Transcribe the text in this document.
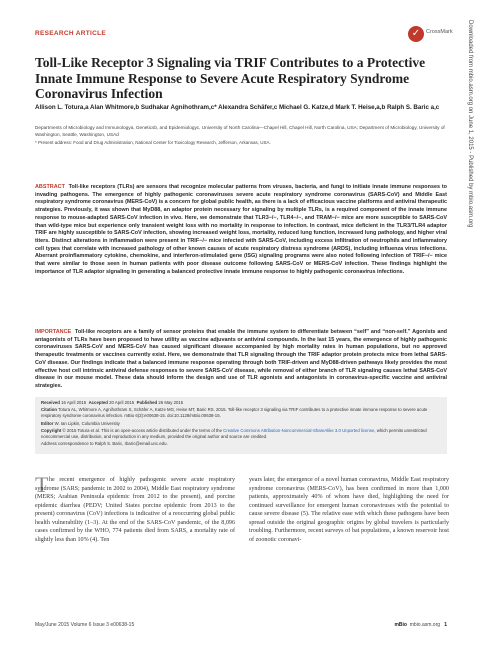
RESEARCH ARTICLE	✓	CrossMark Downloaded from mbio.asm.org on June 1, 2015 - Published by mbio.asm.org
Toll-Like Receptor 3 Signaling via TRIF Contributes to a Protective Innate Immune Response to Severe Acute Respiratory Syndrome Coronavirus Infection
Allison L. Totura,a Alan Whitmore,b Sudhakar Agnihothram,c* Alexandra Schäfer,c Michael G. Katze,d Mark T. Heise,a,b Ralph S. Baric a,c
Departments of Microbiology and Immunologya, Geneticsb, and Epidemiologyc, University of North Carolina—Chapel Hill, Chapel Hill, North Carolina, USA; Department of Microbiology, University of Washington, Seattle, Washington, USAd
* Present address: Food and Drug Administration, National Center for Toxicology Research, Jefferson, Arkansas, USA.
ABSTRACT Toll-like receptors (TLRs) are sensors that recognize molecular patterns from viruses, bacteria, and fungi to initiate innate immune responses to invading pathogens. The emergence of highly pathogenic coronaviruses severe acute respiratory syndrome coronavirus (SARS-CoV) and Middle East respiratory syndrome coronavirus (MERS-CoV) is a concern for global public health, as there is a lack of efficacious vaccine platforms and antiviral therapeutic strategies. Previously, it was shown that MyD88, an adaptor protein necessary for signaling by multiple TLRs, is a required component of the innate immune response to mouse-adapted SARS-CoV infection in vivo. Here, we demonstrate that TLR3−/−, TLR4−/−, and TRAM−/− mice are more susceptible to SARS-CoV than wild-type mice but experience only transient weight loss with no mortality in response to infection. In contrast, mice deficient in the TLR3/TLR4 adaptor TRIF are highly susceptible to SARS-CoV infection, showing increased weight loss, mortality, reduced lung function, increased lung pathology, and higher viral titers. Distinct alterations in inflammation were present in TRIF−/− mice infected with SARS-CoV, including excess infiltration of neutrophils and inflammatory cell types that correlate with increased pathology of other known causes of acute respiratory distress syndrome (ARDS), including influenza virus infections. Aberrant proinflammatory cytokine, chemokine, and interferon-stimulated gene (ISG) signaling programs were also noted following infection of TRIF−/− mice that were similar to those seen in human patients with poor disease outcome following SARS-CoV or MERS-CoV infection. These findings highlight the importance of TLR adaptor signaling in generating a balanced protective innate immune response to highly pathogenic coronavirus infections.
IMPORTANCE Toll-like receptors are a family of sensor proteins that enable the immune system to differentiate between “self” and “non-self.” Agonists and antagonists of TLRs have been proposed to have utility as vaccine adjuvants or antiviral compounds. In the last 15 years, the emergence of highly pathogenic coronaviruses SARS-CoV and MERS-CoV has caused significant disease accompanied by high mortality rates in human populations, but no approved therapeutic treatments or vaccines currently exist. Here, we demonstrate that TLR signaling through the TRIF adaptor protein protects mice from lethal SARS-CoV disease. Our findings indicate that a balanced immune response operating through both TRIF-driven and MyD88-driven pathways likely provides the most effective host cell intrinsic antiviral defense responses to severe SARS-CoV disease, while removal of either branch of TLR signaling causes lethal SARS-CoV disease in our mouse model. These data should inform the design and use of TLR agonists and antagonists in coronavirus-specific vaccine and antiviral strategies.
Received 16 April 2015 Accepted 20 April 2015 Published 26 May 2015
Citation Totura AL, Whitmore A, Agnihothram S, Schäfer A, Katze MG, Heise MT, Baric RS. 2015. Toll-like receptor 3 signaling via TRIF contributes to a protective innate immune response to severe acute respiratory syndrome coronavirus infection. mBio 6(3):e00638-15. doi:10.1128/mBio.00638-15.
Editor W. Ian Lipkin, Columbia University
Copyright © 2015 Totura et al. This is an open-access article distributed under the terms of the Creative Commons Attribution-Noncommercial-ShareAlike 3.0 Unported license, which permits unrestricted noncommercial use, distribution, and reproduction in any medium, provided the original author and source are credited.
Address correspondence to Ralph S. Baric, rbaric@email.unc.edu.
T he recent emergence of highly pathogenic severe acute respiratory syndrome (SARS; pandemic in 2002 to 2004), Middle East respiratory syndrome (MERS; Arabian Peninsula epidemic from 2012 to the present), and porcine epidemic diarrhea (PEDV; United States porcine epidemic from 2013 to the present) coronavirus (CoV) infections is indicative of a reoccurring global public health vulnerability (1–3). At the end of the SARS-CoV pandemic, of the 8,096 cases confirmed by the WHO, 774 patients died from SARS, a mortality rate of slightly less than 10% (4). Ten
years later, the emergence of a novel human coronavirus, Middle East respiratory syndrome coronavirus (MERS-CoV), has been confirmed in more than 1,000 patients, approximately 40% of whom have died, highlighting the need for continued surveillance for emergent human coronaviruses with the potential to cause severe disease (5). The relative ease with which these pathogens have been spread outside the original geographic origins by global travelers is particularly troubling. Furthermore, recent surveys of bat populations, a known reservoir host of zoonotic coronavi-
May/June 2015 Volume 6 Issue 3 e00638-15	mBio mbio.asm.org 1
